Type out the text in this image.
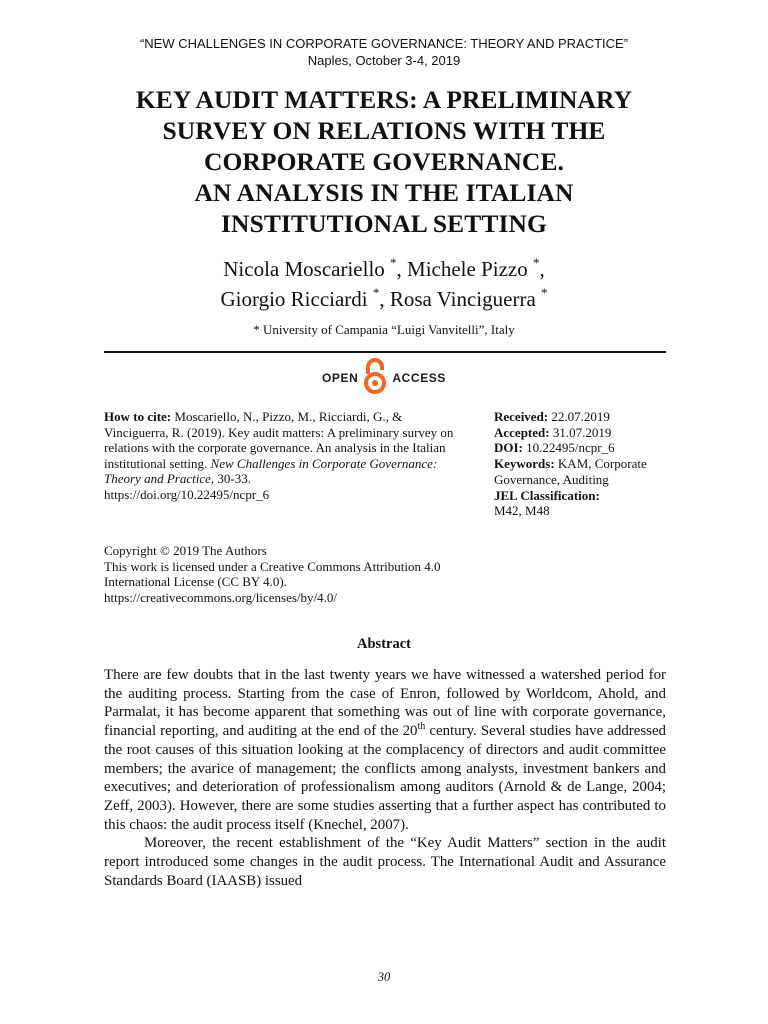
“NEW CHALLENGES IN CORPORATE GOVERNANCE: THEORY AND PRACTICE”
Naples, October 3-4, 2019
KEY AUDIT MATTERS: A PRELIMINARY
SURVEY ON RELATIONS WITH THE
CORPORATE GOVERNANCE.
AN ANALYSIS IN THE ITALIAN
INSTITUTIONAL SETTING
Nicola Moscariello *, Michele Pizzo *,
Giorgio Ricciardi *, Rosa Vinciguerra *
* University of Campania “Luigi Vanvitelli”, Italy
OPEN	ACCESS
How to cite: Moscariello, N., Pizzo, M., Ricciardi, G., & Vinciguerra, R. (2019). Key audit matters: A preliminary survey on relations with the corporate governance. An analysis in the Italian institutional setting. New Challenges in Corporate Governance: Theory and Practice, 30-33.
https://doi.org/10.22495/ncpr_6
Copyright © 2019 The Authors
This work is licensed under a Creative Commons Attribution 4.0 International License (CC BY 4.0).
https://creativecommons.org/licenses/by/4.0/
Received: 22.07.2019
Accepted: 31.07.2019
DOI: 10.22495/ncpr_6
Keywords: KAM, Corporate Governance, Auditing
JEL Classification:
M42, M48
Abstract

There are few doubts that in the last twenty years we have witnessed a watershed period for the auditing process. Starting from the case of Enron, followed by Worldcom, Ahold, and Parmalat, it has become apparent that something was out of line with corporate governance, financial reporting, and auditing at the end of the 20th century. Several studies have addressed the root causes of this situation looking at the complacency of directors and audit committee members; the avarice of management; the conflicts among analysts, investment bankers and executives; and deterioration of professionalism among auditors (Arnold & de Lange, 2004; Zeff, 2003). However, there are some studies asserting that a further aspect has contributed to this chaos: the audit process itself (Knechel, 2007).

Moreover, the recent establishment of the “Key Audit Matters” section in the audit report introduced some changes in the audit process. The International Audit and Assurance Standards Board (IAASB) issued

30
